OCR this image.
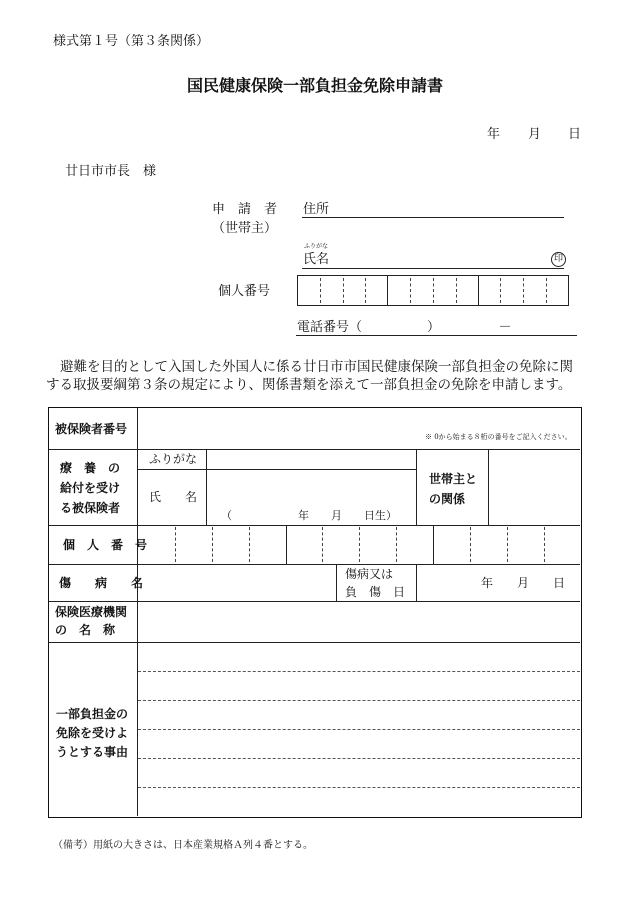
様式第１号（第３条関係）
国民健康保険一部負担金免除申請書
年 月 日
廿日市市長　様
申　請　者
（世帯主）
住所
ふりがな
氏名	印
個人番号
電話番号（　　　　　）　　　　　－
避難を目的として入国した外国人に係る廿日市市国民健康保険一部負担金の免除に関
する取扱要綱第３条の規定により、関係書類を添えて一部負担金の免除を申請します。
被保険者番号
※ 0から始まる８桁の番号をご記入ください。
療　養　の
給付を受け
る被保険者
ふりがな
氏　　名
（　　　　　　年　　月　　日生）
世帯主と
の関係
個　人　番　号
傷　　病　　名
傷病又は
負　傷　日
年　　月　　日
保険医療機関
の　名　称
一部負担金の
免除を受けよ
うとする事由
（備考）用紙の大きさは、日本産業規格Ａ列４番とする。
